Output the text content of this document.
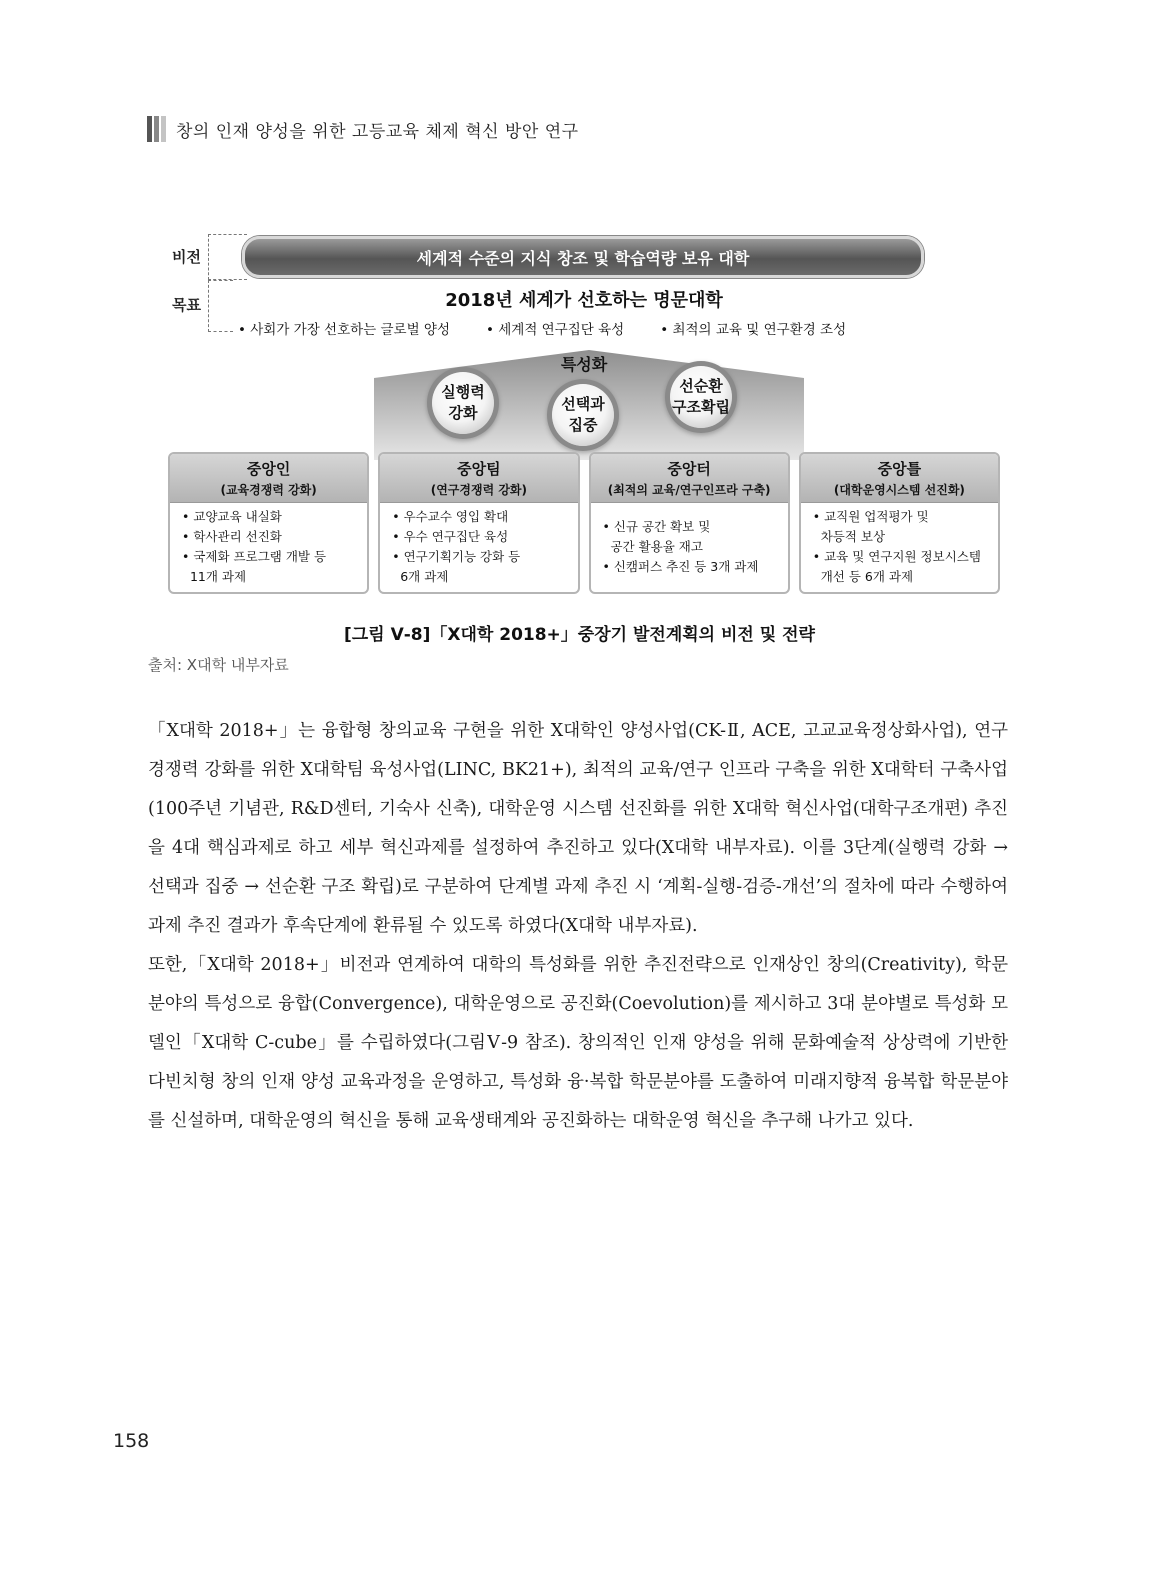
창의 인재 양성을 위한 고등교육 체제 혁신 방안 연구
비전
목표
세계적 수준의 지식 창조 및 학습역량 보유 대학
2018년 세계가 선호하는 명문대학
• 사회가 가장 선호하는 글로벌 양성	• 세계적 연구집단 육성	• 최적의 교육 및 연구환경 조성
특성화
실행력
강화	선택과
집중
선순환
구조확립
중앙인
(교육경쟁력 강화)
• 교양교육 내실화
• 학사관리 선진화
• 국제화 프로그램 개발 등
11개 과제
중앙팀
(연구경쟁력 강화)
• 우수교수 영입 확대
• 우수 연구집단 육성
• 연구기획기능 강화 등
6개 과제
중앙터
(최적의 교육/연구인프라 구축)
• 신규 공간 확보 및
공간 활용율 재고
• 신캠퍼스 추진 등 3개 과제
중앙틀
(대학운영시스템 선진화)
• 교직원 업적평가 및
차등적 보상
• 교육 및 연구지원 정보시스템
개선 등 6개 과제
[그림 Ⅴ-8]「X대학 2018+」중장기 발전계획의 비전 및 전략
출처: X대학 내부자료

「X대학 2018+」는 융합형 창의교육 구현을 위한 X대학인 양성사업(CK-Ⅱ, ACE, 고교교육정상화사업), 연구경쟁력 강화를 위한 X대학팀 육성사업(LINC, BK21+), 최적의 교육/연구 인프라 구축을 위한 X대학터 구축사업(100주년 기념관, R&D센터, 기숙사 신축), 대학운영 시스템 선진화를 위한 X대학 혁신사업(대학구조개편) 추진을 4대 핵심과제로 하고 세부 혁신과제를 설정하여 추진하고 있다(X대학 내부자료). 이를 3단계(실행력 강화 → 선택과 집중 → 선순환 구조 확립)로 구분하여 단계별 과제 추진 시 ‘계획-실행-검증-개선’의 절차에 따라 수행하여 과제 추진 결과가 후속단계에 환류될 수 있도록 하였다(X대학 내부자료).

또한,「X대학 2018+」비전과 연계하여 대학의 특성화를 위한 추진전략으로 인재상인 창의(Creativity), 학문분야의 특성으로 융합(Convergence), 대학운영으로 공진화(Coevolution)를 제시하고 3대 분야별로 특성화 모델인「X대학 C-cube」를 수립하였다(그림Ⅴ-9 참조). 창의적인 인재 양성을 위해 문화예술적 상상력에 기반한 다빈치형 창의 인재 양성 교육과정을 운영하고, 특성화 융·복합 학문분야를 도출하여 미래지향적 융복합 학문분야를 신설하며, 대학운영의 혁신을 통해 교육생태계와 공진화하는 대학운영 혁신을 추구해 나가고 있다.

158
